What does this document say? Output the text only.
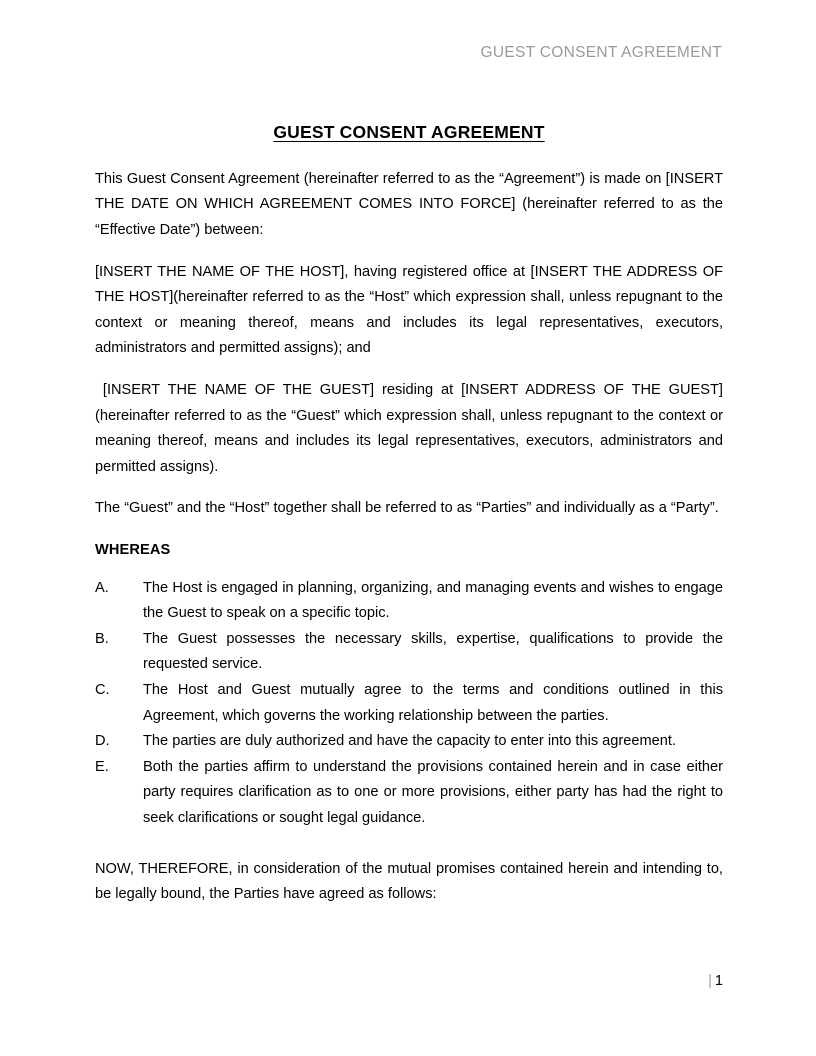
GUEST CONSENT AGREEMENT
GUEST CONSENT AGREEMENT

This Guest Consent Agreement (hereinafter referred to as the “Agreement”) is made on [INSERT THE DATE ON WHICH AGREEMENT COMES INTO FORCE] (hereinafter referred to as the “Effective Date”) between:

[INSERT THE NAME OF THE HOST], having registered office at [INSERT THE ADDRESS OF THE HOST](hereinafter referred to as the “Host” which expression shall, unless repugnant to the context or meaning thereof, means and includes its legal representatives, executors, administrators and permitted assigns); and

[INSERT THE NAME OF THE GUEST] residing at [INSERT ADDRESS OF THE GUEST] (hereinafter referred to as the “Guest” which expression shall, unless repugnant to the context or meaning thereof, means and includes its legal representatives, executors, administrators and permitted assigns).

The “Guest” and the “Host” together shall be referred to as “Parties” and individually as a “Party”.

WHEREAS
A.	The Host is engaged in planning, organizing, and managing events and wishes to engage the Guest to speak on a specific topic.
B.	The Guest possesses the necessary skills, expertise, qualifications to provide the requested service.
C.	The Host and Guest mutually agree to the terms and conditions outlined in this Agreement, which governs the working relationship between the parties.
D.	The parties are duly authorized and have the capacity to enter into this agreement.
E.	Both the parties affirm to understand the provisions contained herein and in case either party requires clarification as to one or more provisions, either party has had the right to seek clarifications or sought legal guidance.

NOW, THEREFORE, in consideration of the mutual promises contained herein and intending to, be legally bound, the Parties have agreed as follows:

| 1
